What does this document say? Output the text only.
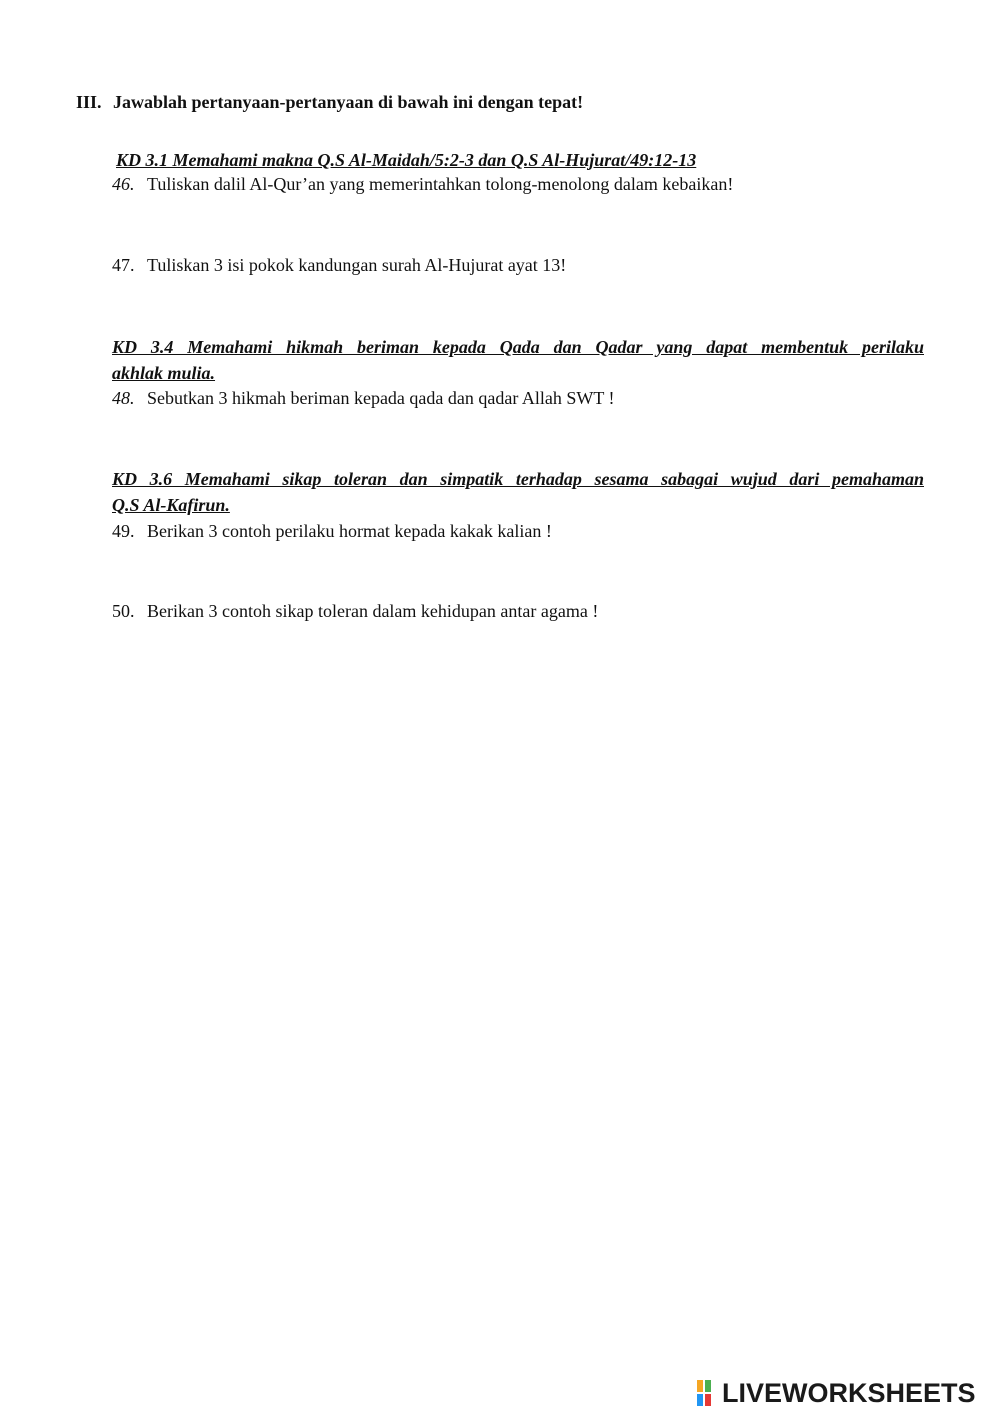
III. Jawablah pertanyaan-pertanyaan di bawah ini dengan tepat!
KD 3.1 Memahami makna Q.S Al-Maidah/5:2-3 dan Q.S Al-Hujurat/49:12-13
46. Tuliskan dalil Al-Qur’an yang memerintahkan tolong-menolong dalam kebaikan!
47. Tuliskan 3 isi pokok kandungan surah Al-Hujurat ayat 13!
KD 3.4 Memahami hikmah beriman kepada Qada dan Qadar yang dapat membentuk perilaku
akhlak mulia.
48. Sebutkan 3 hikmah beriman kepada qada dan qadar Allah SWT !
KD 3.6 Memahami sikap toleran dan simpatik terhadap sesama sabagai wujud dari pemahaman
Q.S Al-Kafirun.
49. Berikan 3 contoh perilaku hormat kepada kakak kalian !
50. Berikan 3 contoh sikap toleran dalam kehidupan antar agama !
LIVEWORKSHEETS
